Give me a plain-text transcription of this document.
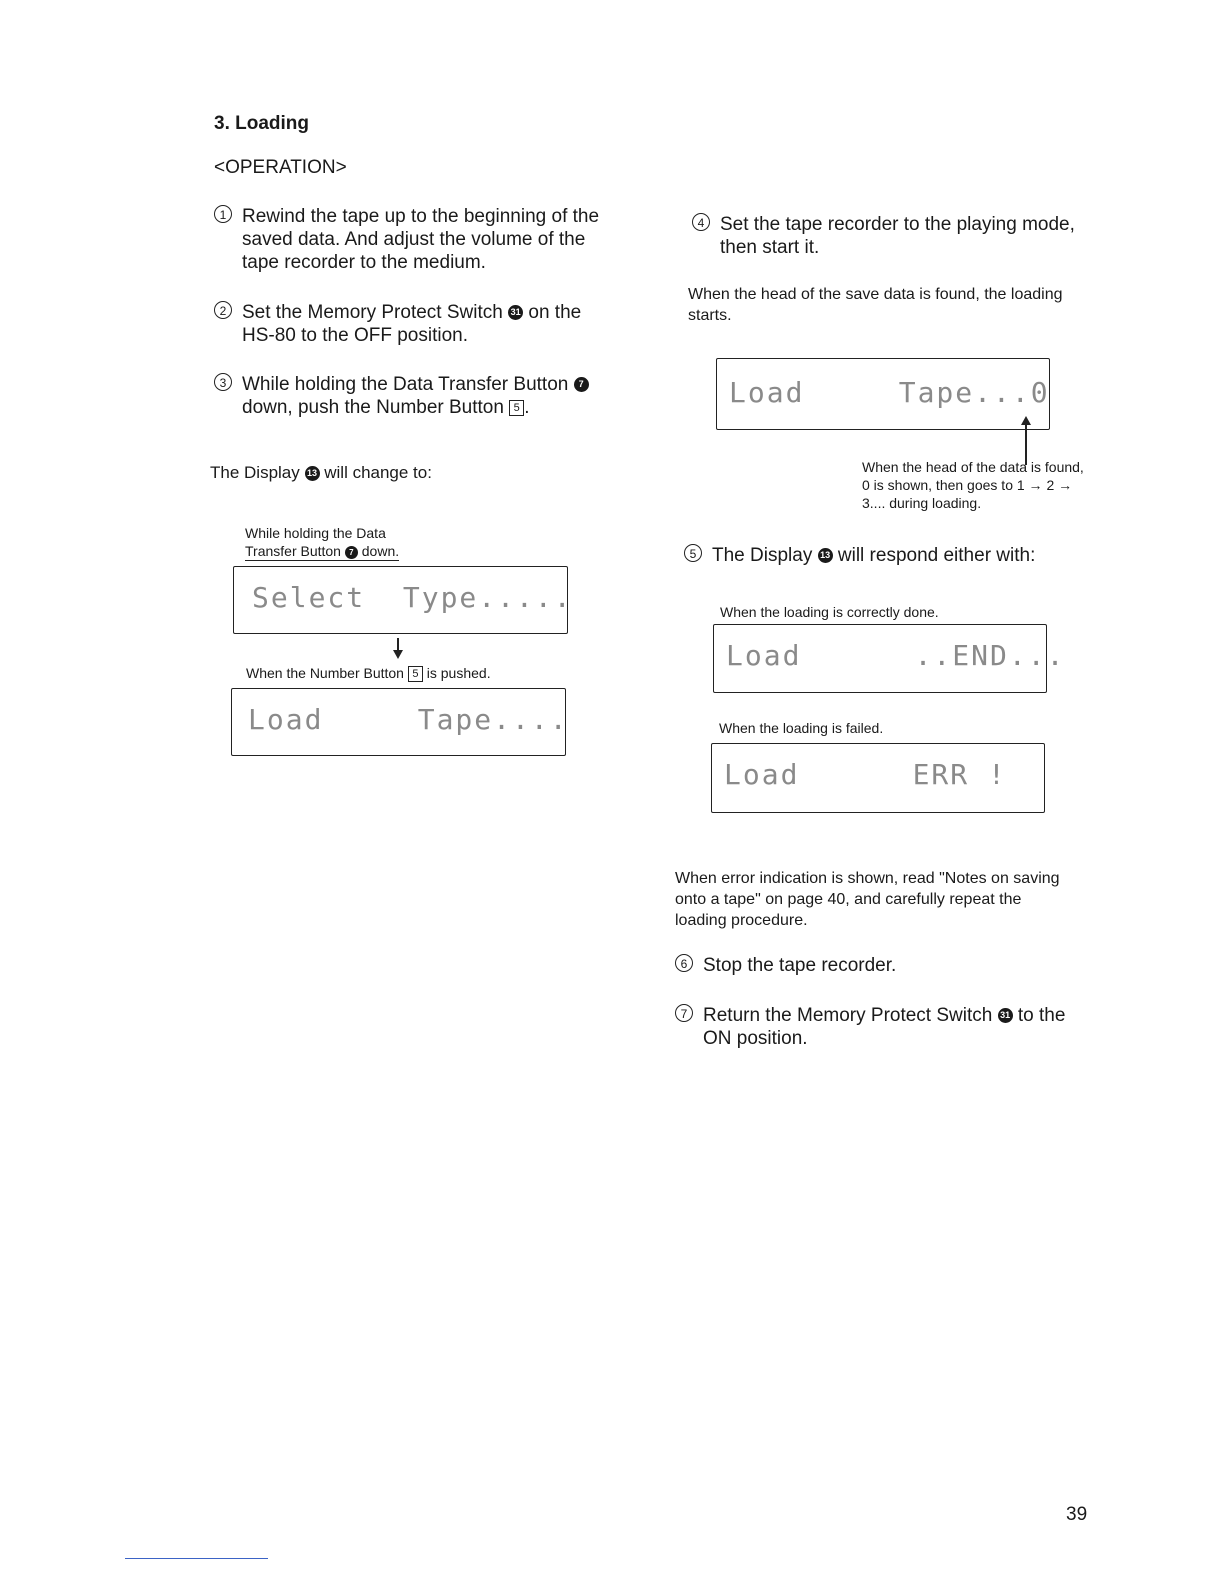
3. Loading
<OPERATION>
1 Rewind the tape up to the beginning of the saved data. And adjust the volume of the tape recorder to the medium.
2 Set the Memory Protect Switch 31 on the HS-80 to the OFF position.
3 While holding the Data Transfer Button 7 down, push the Number Button 5 .
The Display 13 will change to:
While holding the Data
Transfer Button 7 down.
Select  Type.....
When the Number Button 5 is pushed.
Load     Tape....
4 Set the tape recorder to the playing mode, then start it.
When the head of the save data is found, the loading starts.
Load     Tape...0
When the head of the data is found, 0 is shown, then goes to 1 → 2 → 3.... during loading.
5 The Display 13 will respond either with:
When the loading is correctly done.
Load      ..END...
When the loading is failed.
Load      ERR !
When error indication is shown, read "Notes on saving onto a tape" on page 40, and carefully repeat the loading procedure.
6 Stop the tape recorder.
7 Return the Memory Protect Switch 31 to the ON position.
39
